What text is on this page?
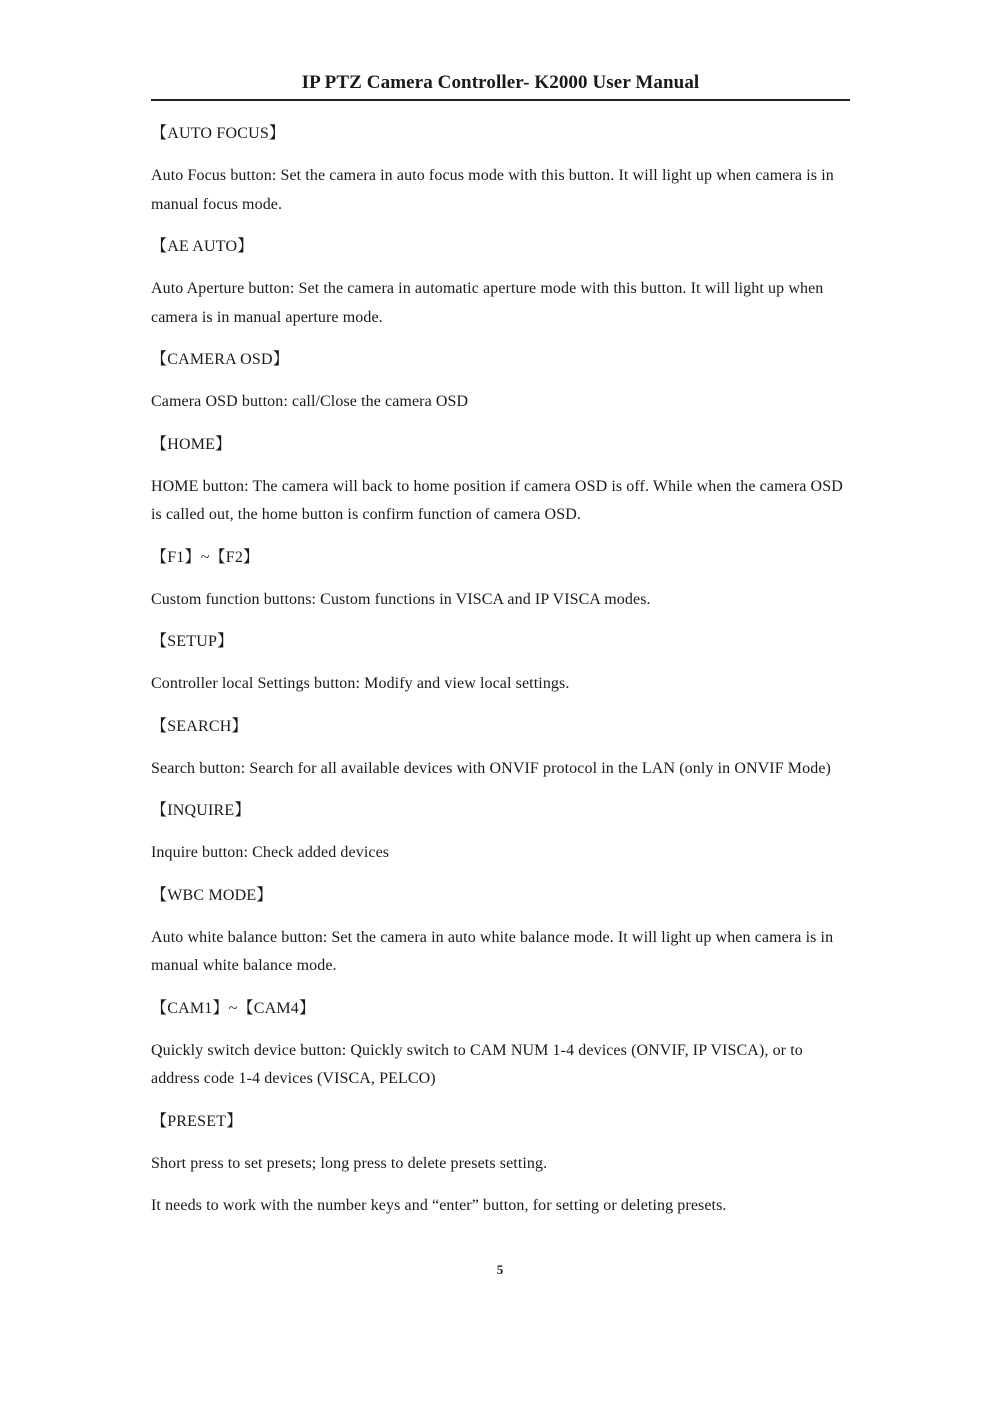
IP PTZ Camera Controller- K2000 User Manual
【AUTO FOCUS】
Auto Focus button: Set the camera in auto focus mode with this button. It will light up when camera is in manual focus mode.
【AE AUTO】
Auto Aperture button: Set the camera in automatic aperture mode with this button. It will light up when camera is in manual aperture mode.
【CAMERA OSD】
Camera OSD button: call/Close the camera OSD
【HOME】
HOME button: The camera will back to home position if camera OSD is off. While when the camera OSD is called out, the home button is confirm function of camera OSD.
【F1】~【F2】
Custom function buttons: Custom functions in VISCA and IP VISCA modes.
【SETUP】
Controller local Settings button: Modify and view local settings.
【SEARCH】
Search button: Search for all available devices with ONVIF protocol in the LAN (only in ONVIF Mode)
【INQUIRE】
Inquire button: Check added devices
【WBC MODE】
Auto white balance button: Set the camera in auto white balance mode. It will light up when camera is in manual white balance mode.
【CAM1】~【CAM4】
Quickly switch device button: Quickly switch to CAM NUM 1-4 devices (ONVIF, IP VISCA), or to address code 1-4 devices (VISCA, PELCO)
【PRESET】
Short press to set presets; long press to delete presets setting.
It needs to work with the number keys and “enter” button, for setting or deleting presets.
5
